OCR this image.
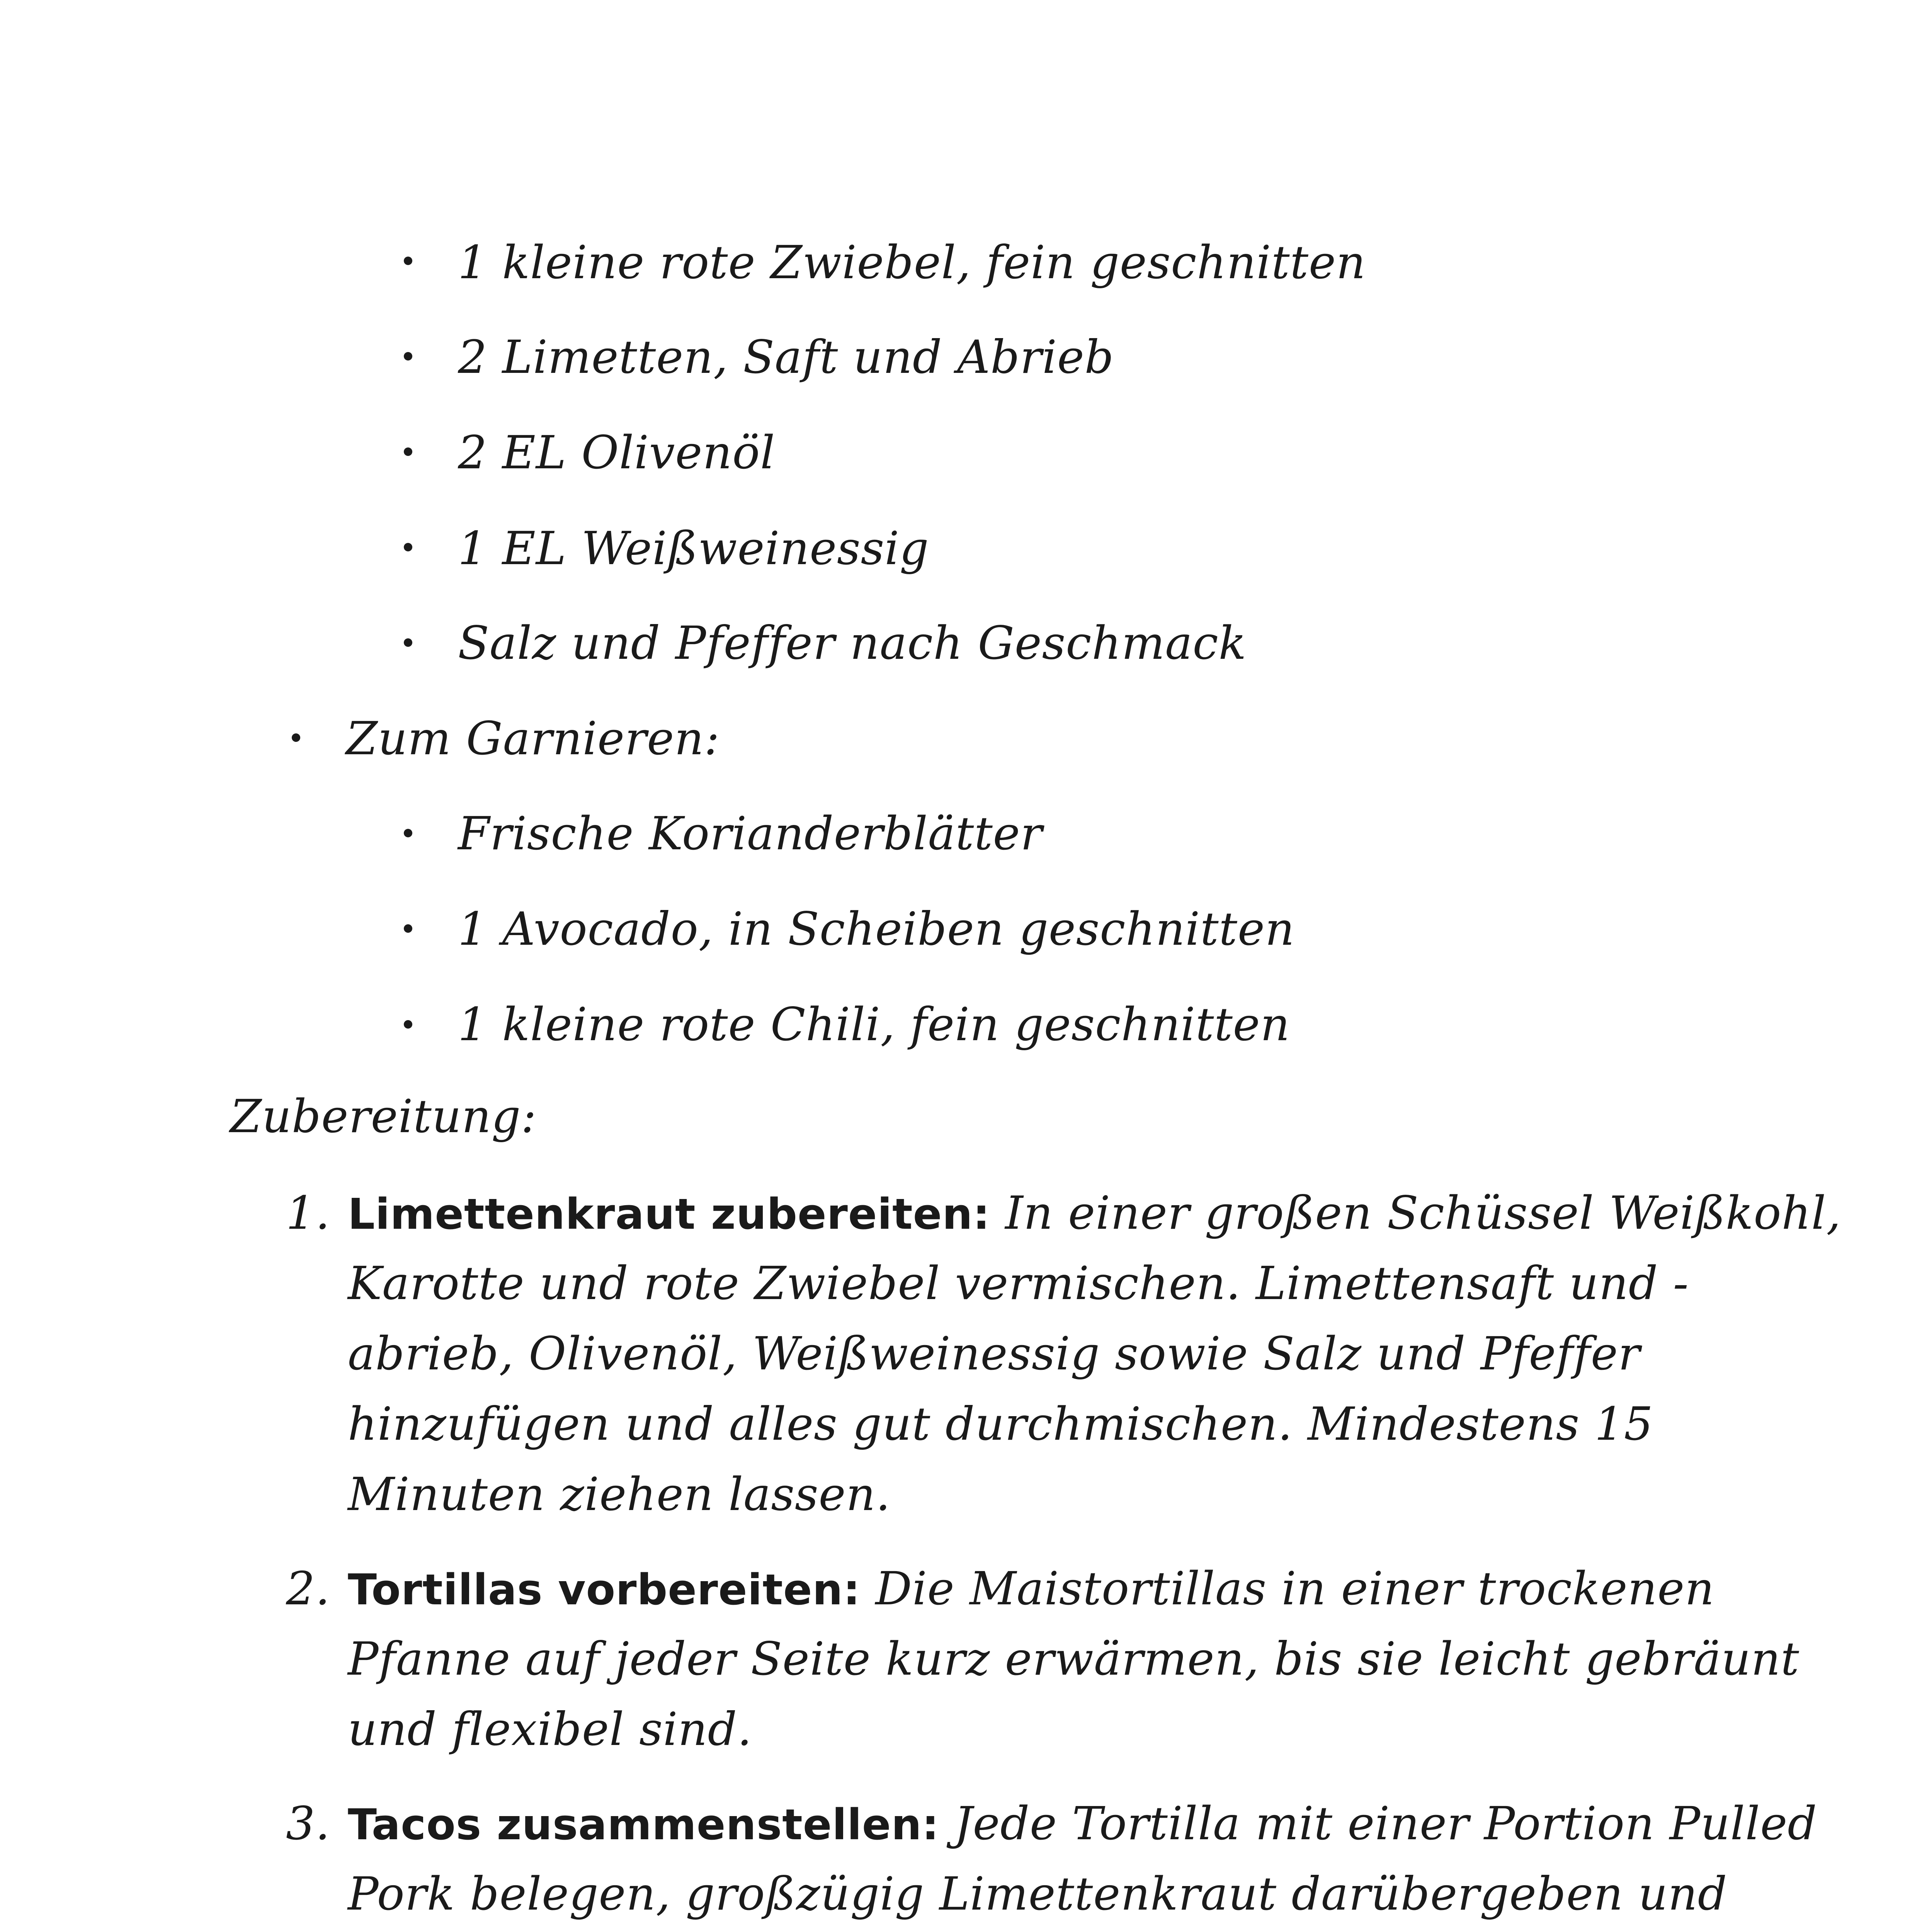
1 kleine rote Zwiebel, fein geschnitten
2 Limetten, Saft und Abrieb
2 EL Olivenöl
1 EL Weißweinessig
Salz und Pfeffer nach Geschmack
Zum Garnieren:
Frische Korianderblätter
1 Avocado, in Scheiben geschnitten
1 kleine rote Chili, fein geschnitten
Zubereitung:
1. Limettenkraut zubereiten: In einer großen Schüssel Weißkohl,
Karotte und rote Zwiebel vermischen. Limettensaft und -
abrieb, Olivenöl, Weißweinessig sowie Salz und Pfeffer
hinzufügen und alles gut durchmischen. Mindestens 15
Minuten ziehen lassen.
2. Tortillas vorbereiten: Die Maistortillas in einer trockenen
Pfanne auf jeder Seite kurz erwärmen, bis sie leicht gebräunt
und flexibel sind.
3. Tacos zusammenstellen: Jede Tortilla mit einer Portion Pulled
Pork belegen, großzügig Limettenkraut darübergeben und
